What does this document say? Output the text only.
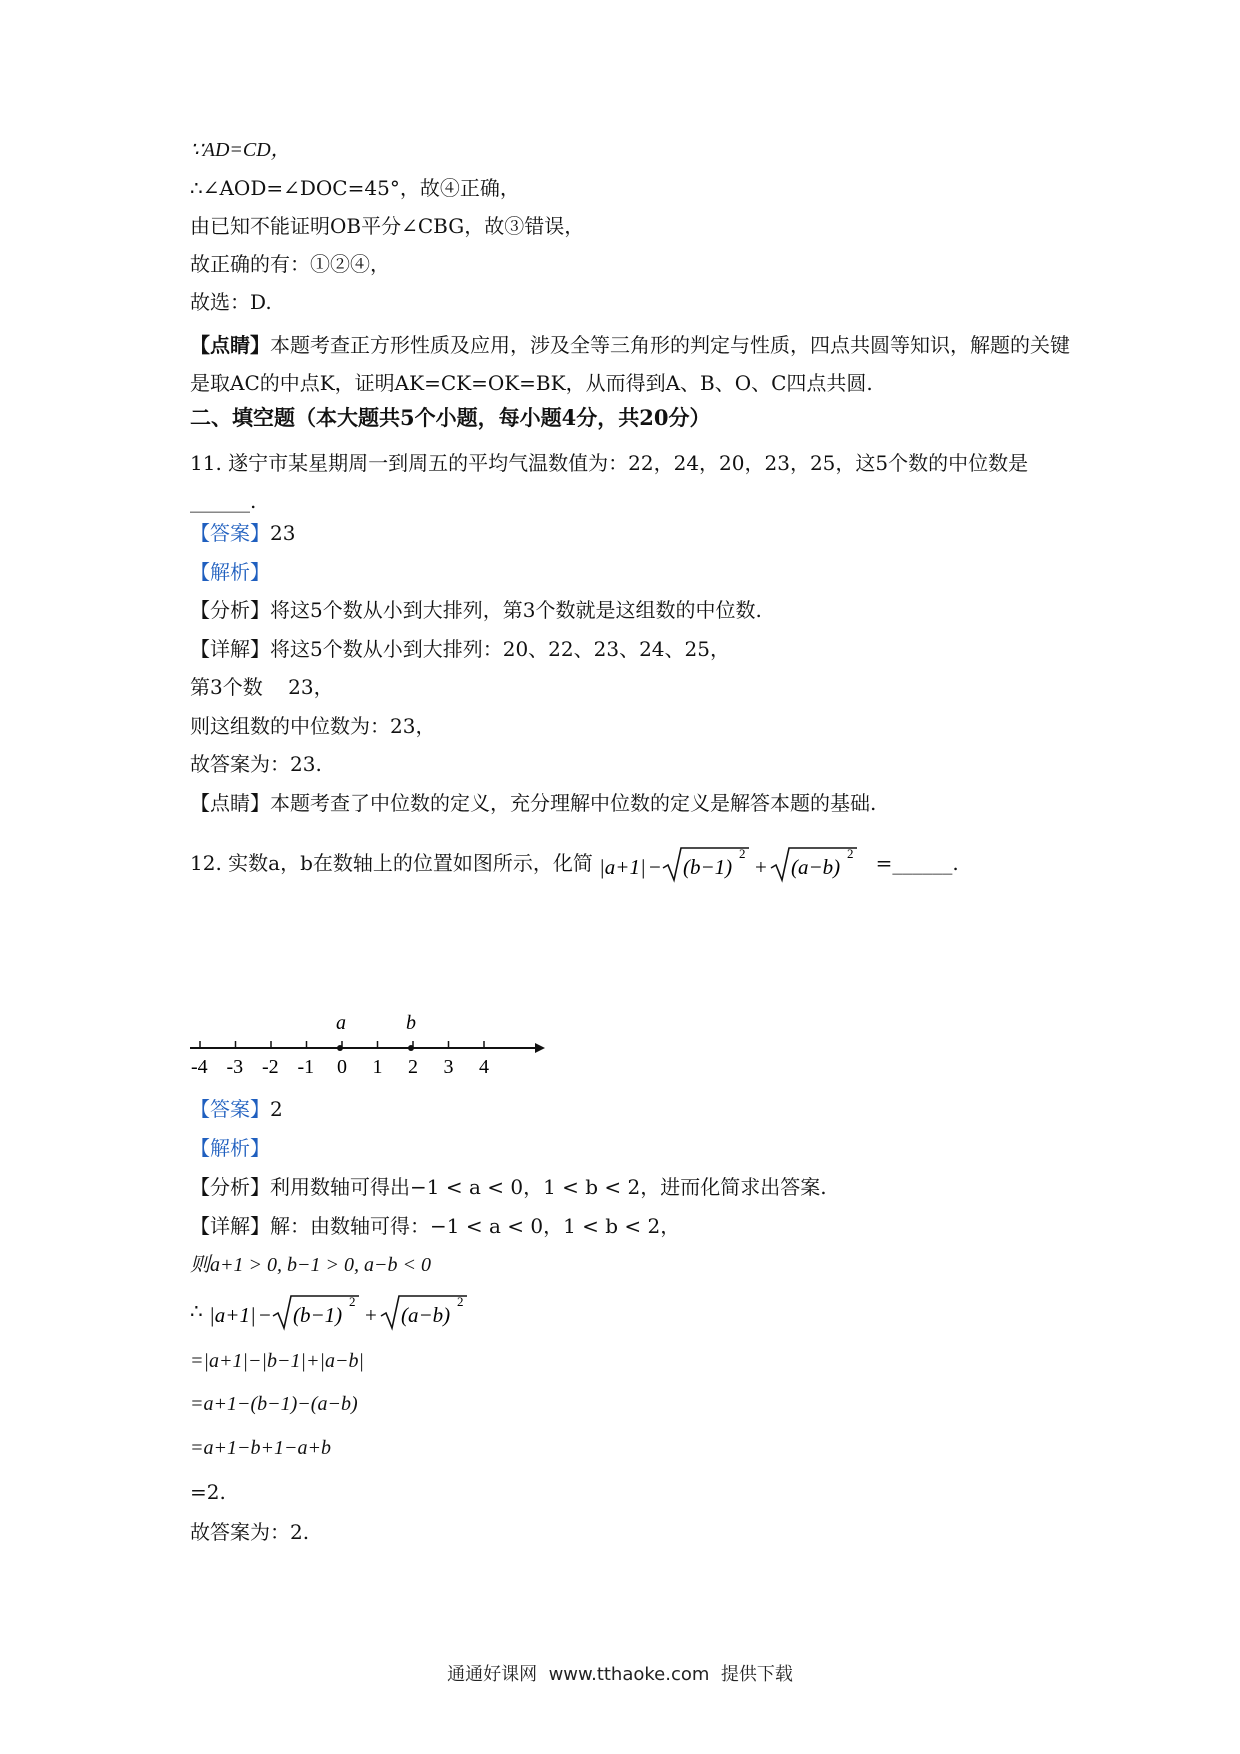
∵AD=CD，
∴∠AOD=∠DOC=45°，故④正确，
由已知不能证明OB平分∠CBG，故③错误，
故正确的有：①②④，
故选：D.
【点睛】本题考查正方形性质及应用，涉及全等三角形的判定与性质，四点共圆等知识，解题的关键是取AC的中点K，证明AK=CK=OK=BK，从而得到A、B、O、C四点共圆.
二、填空题（本大题共5个小题，每小题4分，共20分）
11. 遂宁市某星期周一到周五的平均气温数值为：22，24，20，23，25，这5个数的中位数是______.
【答案】23
【解析】
【分析】将这5个数从小到大排列，第3个数就是这组数的中位数.
【详解】将这5个数从小到大排列：20、22、23、24、25，
第3个数    23，
则这组数的中位数为：23，
故答案为：23.
【点睛】本题考查了中位数的定义，充分理解中位数的定义是解答本题的基础.
12. 实数a，b在数轴上的位置如图所示，化简 |a+1| − (b−1)
2
+ (a−b)
2 =______.
-4 -3 -2 -1 0 1 2 3 4
a	b
【答案】2
【解析】
【分析】利用数轴可得出−1 < a < 0，1 < b < 2，进而化简求出答案.
【详解】解：由数轴可得：−1 < a < 0，1 < b < 2，
则a+1 > 0, b−1 > 0, a−b < 0
∴ |a+1| − (b−1)
2
+ (a−b)
2
=|a+1|−|b−1|+|a−b|
=a+1−(b−1)−(a−b)
=a+1−b+1−a+b
=2.
故答案为：2.
通通好课网  www.tthaoke.com  提供下载
